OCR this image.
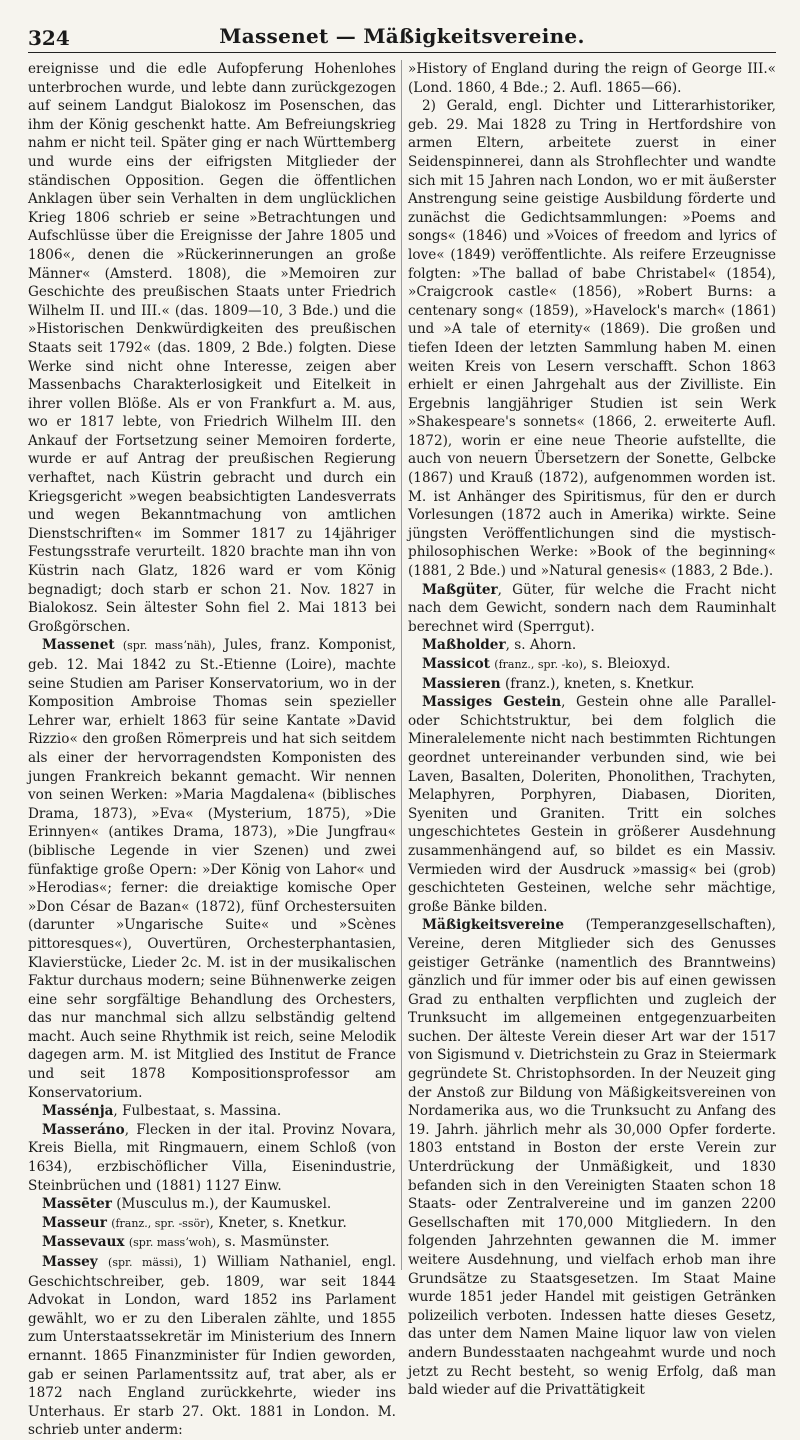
Massenet — Mäßigkeitsvereine.
324

ereignisse und die edle Aufopferung Hohenlohes unterbrochen wurde, und lebte dann zurückgezogen auf seinem Landgut Bialokosz im Posenschen, das ihm der König geschenkt hatte. Am Befreiungskrieg nahm er nicht teil. Später ging er nach Württemberg und wurde eins der eifrigsten Mitglieder der ständischen Opposition. Gegen die öffentlichen Anklagen über sein Verhalten in dem unglücklichen Krieg 1806 schrieb er seine »Betrachtungen und Aufschlüsse über die Ereignisse der Jahre 1805 und 1806«, denen die »Rückerinnerungen an große Männer« (Amsterd. 1808), die »Memoiren zur Geschichte des preußischen Staats unter Friedrich Wilhelm II. und III.« (das. 1809—10, 3 Bde.) und die »Historischen Denkwürdigkeiten des preußischen Staats seit 1792« (das. 1809, 2 Bde.) folgten. Diese Werke sind nicht ohne Interesse, zeigen aber Massenbachs Charakterlosigkeit und Eitelkeit in ihrer vollen Blöße. Als er von Frankfurt a. M. aus, wo er 1817 lebte, von Friedrich Wilhelm III. den Ankauf der Fortsetzung seiner Memoiren forderte, wurde er auf Antrag der preußischen Regierung verhaftet, nach Küstrin gebracht und durch ein Kriegsgericht »wegen beabsichtigten Landesverrats und wegen Bekanntmachung von amtlichen Dienstschriften« im Sommer 1817 zu 14jähriger Festungsstrafe verurteilt. 1820 brachte man ihn von Küstrin nach Glatz, 1826 ward er vom König begnadigt; doch starb er schon 21. Nov. 1827 in Bialokosz. Sein ältester Sohn fiel 2. Mai 1813 bei Großgörschen.

Massenet (spr. massʼnäh), Jules, franz. Komponist, geb. 12. Mai 1842 zu St.-Etienne (Loire), machte seine Studien am Pariser Konservatorium, wo in der Komposition Ambroise Thomas sein spezieller Lehrer war, erhielt 1863 für seine Kantate »David Rizzio« den großen Römerpreis und hat sich seitdem als einer der hervorragendsten Komponisten des jungen Frankreich bekannt gemacht. Wir nennen von seinen Werken: »Maria Magdalena« (biblisches Drama, 1873), »Eva« (Mysterium, 1875), »Die Erinnyen« (antikes Drama, 1873), »Die Jungfrau« (biblische Legende in vier Szenen) und zwei fünfaktige große Opern: »Der König von Lahor« und »Herodias«; ferner: die dreiaktige komische Oper »Don César de Bazan« (1872), fünf Orchestersuiten (darunter »Ungarische Suite« und »Scènes pittoresques«), Ouvertüren, Orchesterphantasien, Klavierstücke, Lieder 2c. M. ist in der musikalischen Faktur durchaus modern; seine Bühnenwerke zeigen eine sehr sorgfältige Behandlung des Orchesters, das nur manchmal sich allzu selbständig geltend macht. Auch seine Rhythmik ist reich, seine Melodik dagegen arm. M. ist Mitglied des Institut de France und seit 1878 Kompositionsprofessor am Konservatorium.

Massénja, Fulbestaat, s. Massina.

Masseráno, Flecken in der ital. Provinz Novara, Kreis Biella, mit Ringmauern, einem Schloß (von 1634), erzbischöflicher Villa, Eisenindustrie, Steinbrüchen und (1881) 1127 Einw.

Massēter (Musculus m.), der Kaumuskel.

Masseur (franz., spr. -ssör), Kneter, s. Knetkur.

Massevaux (spr. massʼwoh), s. Masmünster.

Massey (spr. mässi), 1) William Nathaniel, engl. Geschichtschreiber, geb. 1809, war seit 1844 Advokat in London, ward 1852 ins Parlament gewählt, wo er zu den Liberalen zählte, und 1855 zum Unterstaatssekretär im Ministerium des Innern ernannt. 1865 Finanzminister für Indien geworden, gab er seinen Parlamentssitz auf, trat aber, als er 1872 nach England zurückkehrte, wieder ins Unterhaus. Er starb 27. Okt. 1881 in London. M. schrieb unter anderm:

»History of England during the reign of George III.« (Lond. 1860, 4 Bde.; 2. Aufl. 1865—66).

2) Gerald, engl. Dichter und Litterarhistoriker, geb. 29. Mai 1828 zu Tring in Hertfordshire von armen Eltern, arbeitete zuerst in einer Seidenspinnerei, dann als Strohflechter und wandte sich mit 15 Jahren nach London, wo er mit äußerster Anstrengung seine geistige Ausbildung förderte und zunächst die Gedichtsammlungen: »Poems and songs« (1846) und »Voices of freedom and lyrics of love« (1849) veröffentlichte. Als reifere Erzeugnisse folgten: »The ballad of babe Christabel« (1854), »Craigcrook castle« (1856), »Robert Burns: a centenary song« (1859), »Havelock's march« (1861) und »A tale of eternity« (1869). Die großen und tiefen Ideen der letzten Sammlung haben M. einen weiten Kreis von Lesern verschafft. Schon 1863 erhielt er einen Jahrgehalt aus der Zivilliste. Ein Ergebnis langjähriger Studien ist sein Werk »Shakespeare's sonnets« (1866, 2. erweiterte Aufl. 1872), worin er eine neue Theorie aufstellte, die auch von neuern Übersetzern der Sonette, Gelbcke (1867) und Krauß (1872), aufgenommen worden ist. M. ist Anhänger des Spiritismus, für den er durch Vorlesungen (1872 auch in Amerika) wirkte. Seine jüngsten Veröffentlichungen sind die mystisch-philosophischen Werke: »Book of the beginning« (1881, 2 Bde.) und »Natural genesis« (1883, 2 Bde.).

Maßgüter, Güter, für welche die Fracht nicht nach dem Gewicht, sondern nach dem Rauminhalt berechnet wird (Sperrgut).

Maßholder, s. Ahorn.

Massicot (franz., spr. -ko), s. Bleioxyd.

Massieren (franz.), kneten, s. Knetkur.

Massiges Gestein, Gestein ohne alle Parallel- oder Schichtstruktur, bei dem folglich die Mineralelemente nicht nach bestimmten Richtungen geordnet untereinander verbunden sind, wie bei Laven, Basalten, Doleriten, Phonolithen, Trachyten, Melaphyren, Porphyren, Diabasen, Dioriten, Syeniten und Graniten. Tritt ein solches ungeschichtetes Gestein in größerer Ausdehnung zusammenhängend auf, so bildet es ein Massiv. Vermieden wird der Ausdruck »massig« bei (grob) geschichteten Gesteinen, welche sehr mächtige, große Bänke bilden.

Mäßigkeitsvereine (Temperanzgesellschaften), Vereine, deren Mitglieder sich des Genusses geistiger Getränke (namentlich des Branntweins) gänzlich und für immer oder bis auf einen gewissen Grad zu enthalten verpflichten und zugleich der Trunksucht im allgemeinen entgegenzuarbeiten suchen. Der älteste Verein dieser Art war der 1517 von Sigismund v. Dietrichstein zu Graz in Steiermark gegründete St. Christophsorden. In der Neuzeit ging der Anstoß zur Bildung von Mäßigkeitsvereinen von Nordamerika aus, wo die Trunksucht zu Anfang des 19. Jahrh. jährlich mehr als 30,000 Opfer forderte. 1803 entstand in Boston der erste Verein zur Unterdrückung der Unmäßigkeit, und 1830 befanden sich in den Vereinigten Staaten schon 18 Staats- oder Zentralvereine und im ganzen 2200 Gesellschaften mit 170,000 Mitgliedern. In den folgenden Jahrzehnten gewannen die M. immer weitere Ausdehnung, und vielfach erhob man ihre Grundsätze zu Staatsgesetzen. Im Staat Maine wurde 1851 jeder Handel mit geistigen Getränken polizeilich verboten. Indessen hatte dieses Gesetz, das unter dem Namen Maine liquor law von vielen andern Bundesstaaten nachgeahmt wurde und noch jetzt zu Recht besteht, so wenig Erfolg, daß man bald wieder auf die Privattätigkeit
